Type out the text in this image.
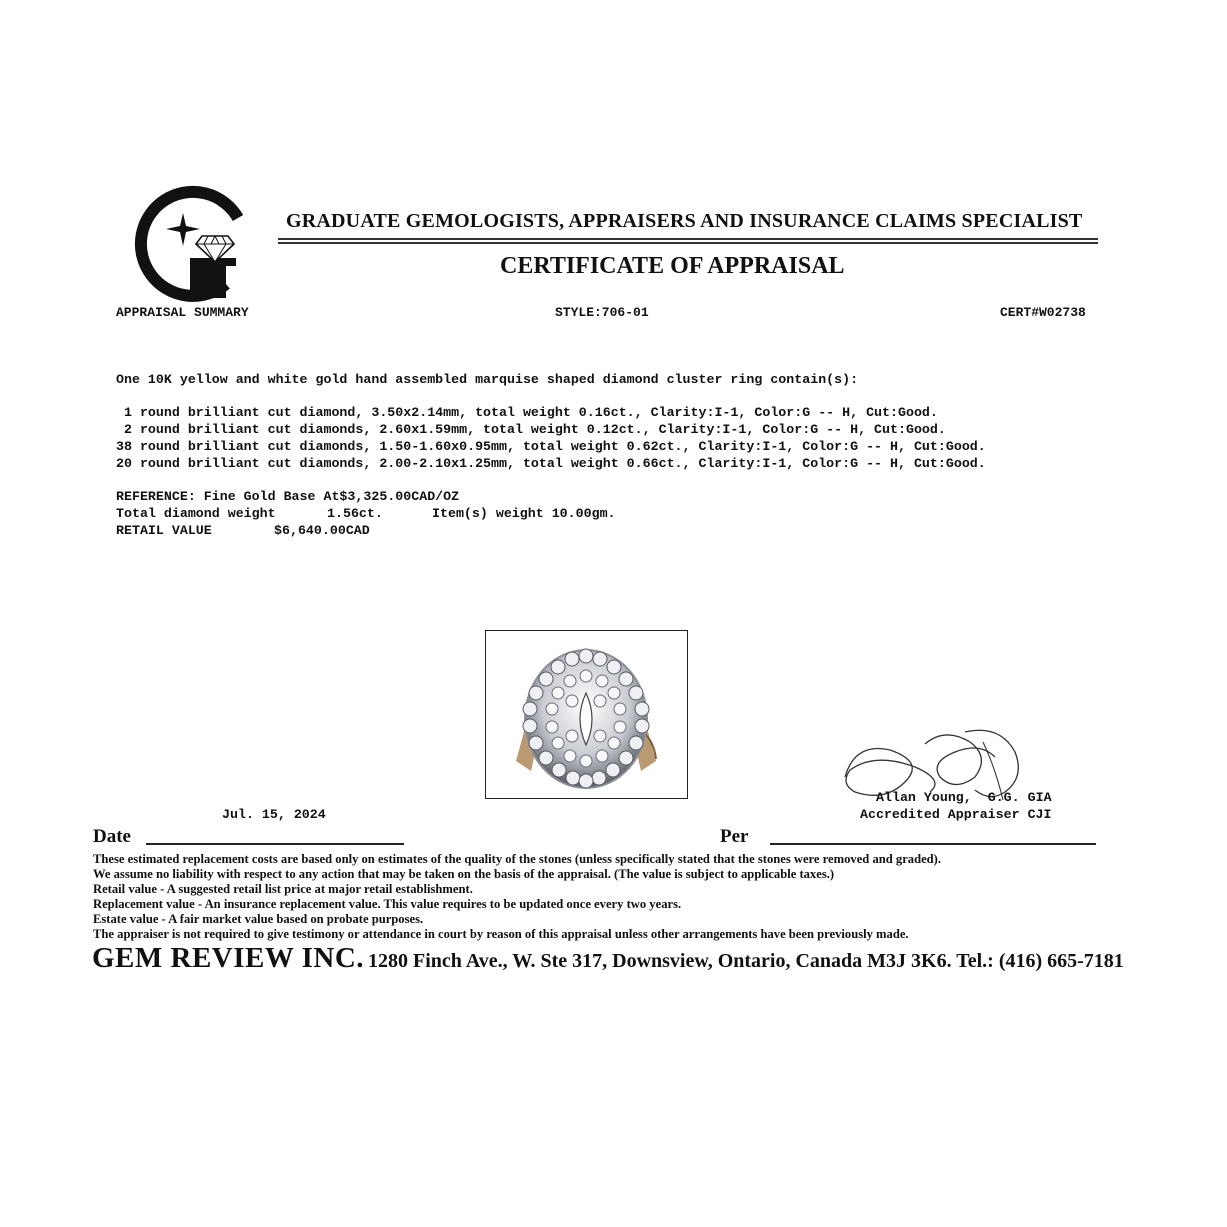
GRADUATE GEMOLOGISTS, APPRAISERS AND INSURANCE CLAIMS SPECIALIST
CERTIFICATE OF APPRAISAL
APPRAISAL SUMMARY	STYLE:706-01	CERT#W02738
One 10K yellow and white gold hand assembled marquise shaped diamond cluster ring contain(s):
1 round brilliant cut diamond, 3.50x2.14mm, total weight 0.16ct., Clarity:I-1, Color:G -- H, Cut:Good.
2 round brilliant cut diamonds, 2.60x1.59mm, total weight 0.12ct., Clarity:I-1, Color:G -- H, Cut:Good.
38 round brilliant cut diamonds, 1.50-1.60x0.95mm, total weight 0.62ct., Clarity:I-1, Color:G -- H, Cut:Good.
20 round brilliant cut diamonds, 2.00-2.10x1.25mm, total weight 0.66ct., Clarity:I-1, Color:G -- H, Cut:Good.
REFERENCE: Fine Gold Base At$3,325.00CAD/OZ
Total diamond weight	1.56ct.	Item(s) weight 10.00gm.
RETAIL VALUE	$6,640.00CAD
Jul. 15, 2024
Allan Young,  G.G. GIA
Accredited Appraiser CJI
Date	Per
These estimated replacement costs are based only on estimates of the quality of the stones (unless specifically stated that the stones were removed and graded).
We assume no liability with respect to any action that may be taken on the basis of the appraisal. (The value is subject to applicable taxes.)
Retail value - A suggested retail list price at major retail establishment.
Replacement value - An insurance replacement value. This value requires to be updated once every two years.
Estate value - A fair market value based on probate purposes.
The appraiser is not required to give testimony or attendance in court by reason of this appraisal unless other arrangements have been previously made.
GEM REVIEW INC. 1280 Finch Ave., W. Ste 317, Downsview, Ontario, Canada M3J 3K6. Tel.: (416) 665-7181
